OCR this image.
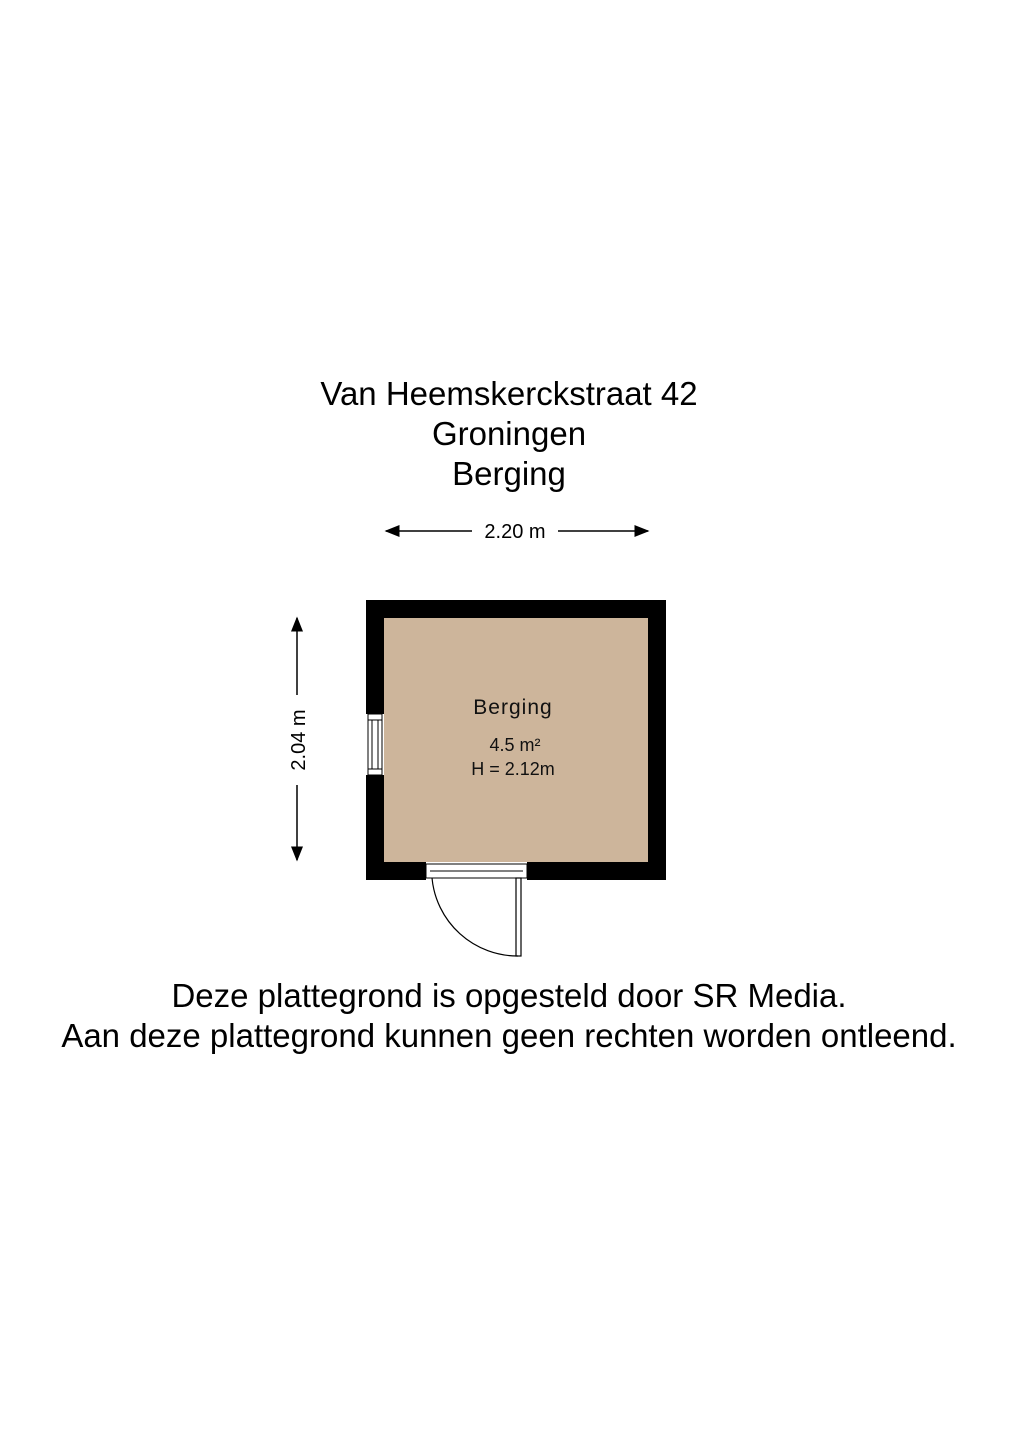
Van Heemskerckstraat 42
Groningen
Berging
2.20 m
2.04 m
Berging
4.5 m²
H = 2.12m
Deze plattegrond is opgesteld door SR Media.
Aan deze plattegrond kunnen geen rechten worden ontleend.
